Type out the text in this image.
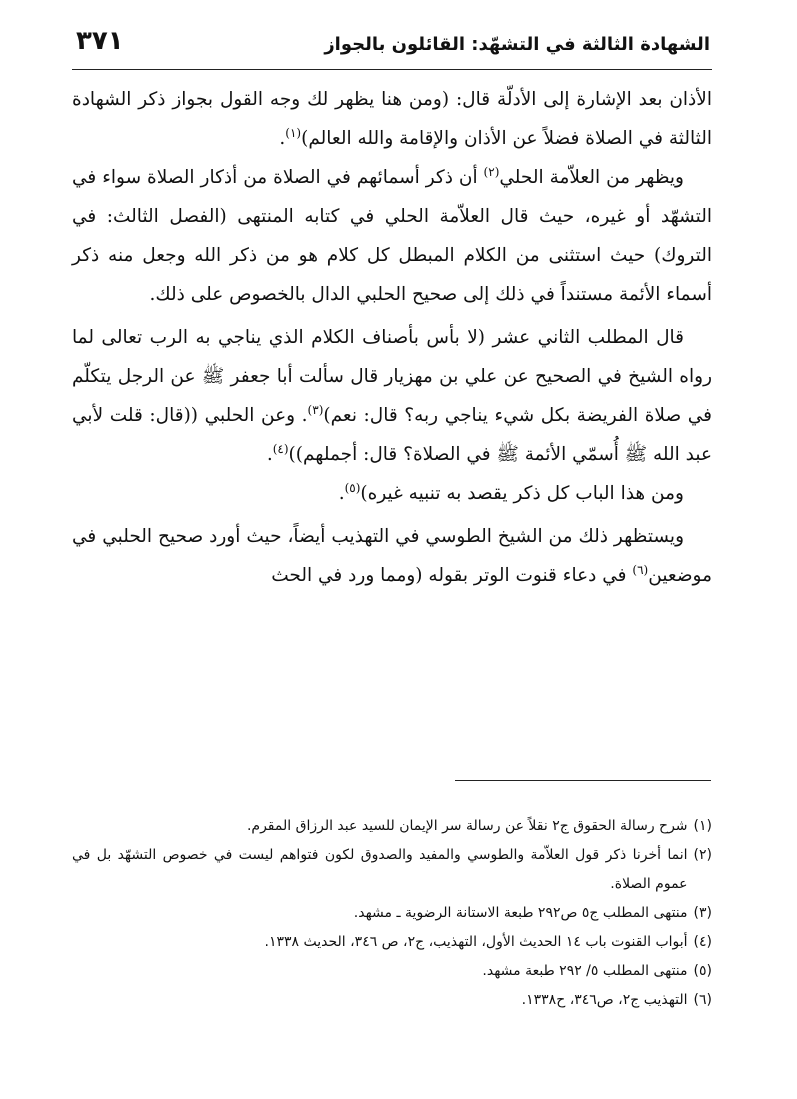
الشهادة الثالثة في التشهّد: القائلون بالجواز
٣٧١

الأذان بعد الإشارة إلى الأدلّة قال: (ومن هنا يظهر لك وجه القول بجواز ذكر الشهادة الثالثة في الصلاة فضلاً عن الأذان والإقامة والله العالم)$^{(١)}$.

ويظهر من العلاّمة الحلي$^{(٢)}$ أن ذكر أسمائهم في الصلاة من أذكار الصلاة سواء في التشهّد أو غيره، حيث قال العلاّمة الحلي في كتابه المنتهى (الفصل الثالث: في التروك) حيث استثنى من الكلام المبطل كل كلام هو من ذكر الله وجعل منه ذكر أسماء الأئمة مستنداً في ذلك إلى صحيح الحلبي الدال بالخصوص على ذلك.

قال المطلب الثاني عشر (لا بأس بأصناف الكلام الذي يناجي به الرب تعالى لما رواه الشيخ في الصحيح عن علي بن مهزيار قال سألت أبا جعفر ﷺ عن الرجل يتكلّم في صلاة الفريضة بكل شيء يناجي ربه؟ قال: نعم)$^{(٣)}$. وعن الحلبي ((قال: قلت لأبي عبد الله ﷺ أُسمّي الأئمة ﷺ في الصلاة؟ قال: أجملهم))$^{(٤)}$.

ومن هذا الباب كل ذكر يقصد به تنبيه غيره)$^{(٥)}$.

ويستظهر ذلك من الشيخ الطوسي في التهذيب أيضاً، حيث أورد صحيح الحلبي في موضعين$^{(٦)}$ في دعاء قنوت الوتر بقوله (ومما ورد في الحث

(١)
شرح رسالة الحقوق ج٢ نقلاً عن رسالة سر الإيمان للسيد عبد الرزاق المقرم.
(٢)
انما أخرنا ذكر قول العلاّمة والطوسي والمفيد والصدوق لكون فتواهم ليست في خصوص التشهّد بل في عموم الصلاة.
(٣)
منتهى المطلب ج٥ ص٢٩٢ طبعة الاستانة الرضوية ـ مشهد.
(٤)
أبواب القنوت باب ١٤ الحديث الأول، التهذيب، ج٢، ص ٣٤٦، الحديث ١٣٣٨.
(٥)
منتهى المطلب ٥/ ٢٩٢ طبعة مشهد.
(٦)
التهذيب ج٢، ص٣٤٦، ح١٣٣٨.
